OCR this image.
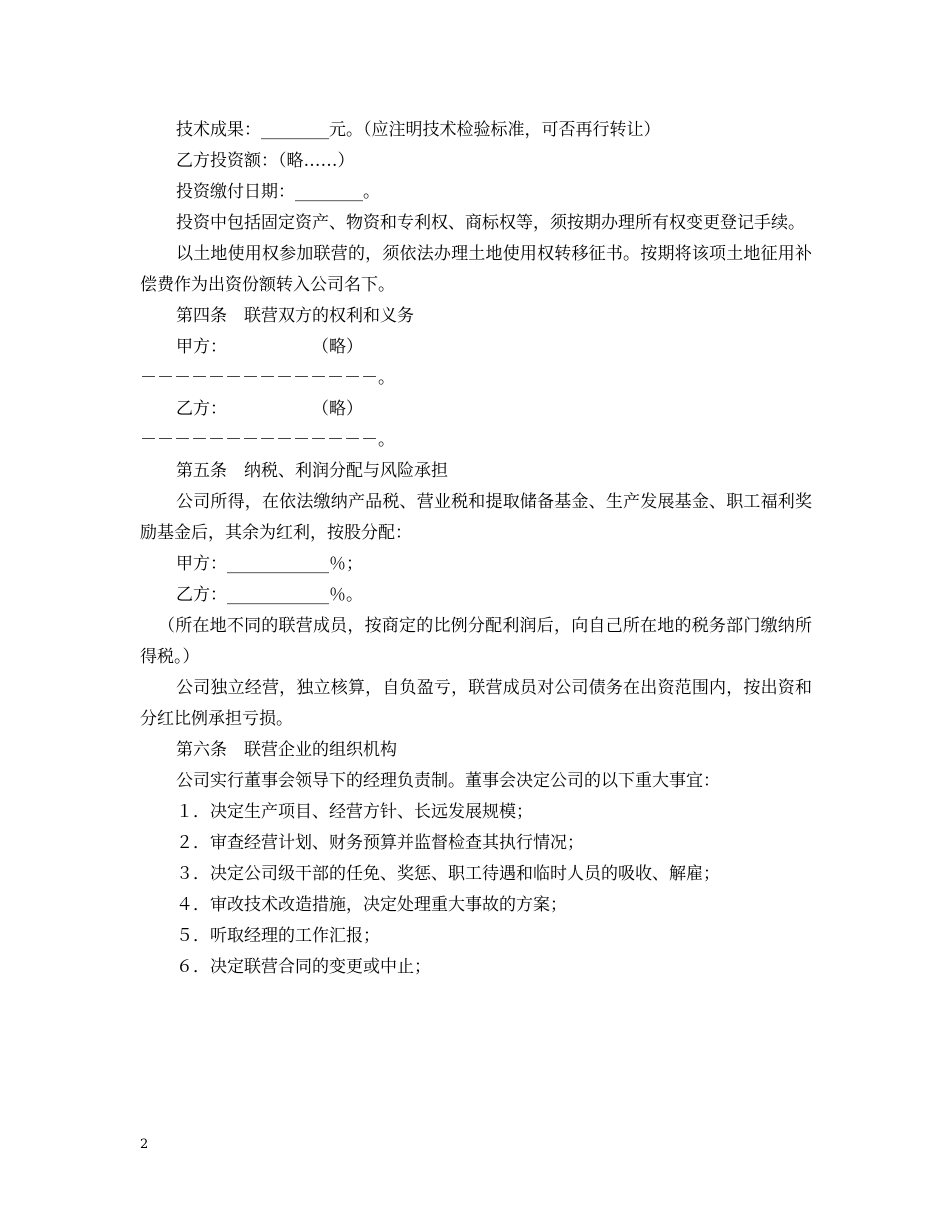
技术成果：________元。（应注明技术检验标准，可否再行转让）

乙方投资额：（略……）

投资缴付日期：________。

投资中包括固定资产、物资和专利权、商标权等，须按期办理所有权变更登记手续。

以土地使用权参加联营的，须依法办理土地使用权转移征书。按期将该项土地征用补偿费作为出资份额转入公司名下。

第四条　联营双方的权利和义务

甲方：　　　　　　（略）

－－－－－－－－－－－－－－。

乙方：　　　　　　（略）

－－－－－－－－－－－－－－。

第五条　纳税、利润分配与风险承担

公司所得，在依法缴纳产品税、营业税和提取储备基金、生产发展基金、职工福利奖励基金后，其余为红利，按股分配：

甲方：____________％；

乙方：____________％。

（所在地不同的联营成员，按商定的比例分配利润后，向自己所在地的税务部门缴纳所得税。）

公司独立经营，独立核算，自负盈亏，联营成员对公司债务在出资范围内，按出资和分红比例承担亏损。

第六条　联营企业的组织机构

公司实行董事会领导下的经理负责制。董事会决定公司的以下重大事宜：

１．决定生产项目、经营方针、长远发展规模；

２．审查经营计划、财务预算并监督检查其执行情况；

３．决定公司级干部的任免、奖惩、职工待遇和临时人员的吸收、解雇；

４．审改技术改造措施，决定处理重大事故的方案；

５．听取经理的工作汇报；

６．决定联营合同的变更或中止；

2
